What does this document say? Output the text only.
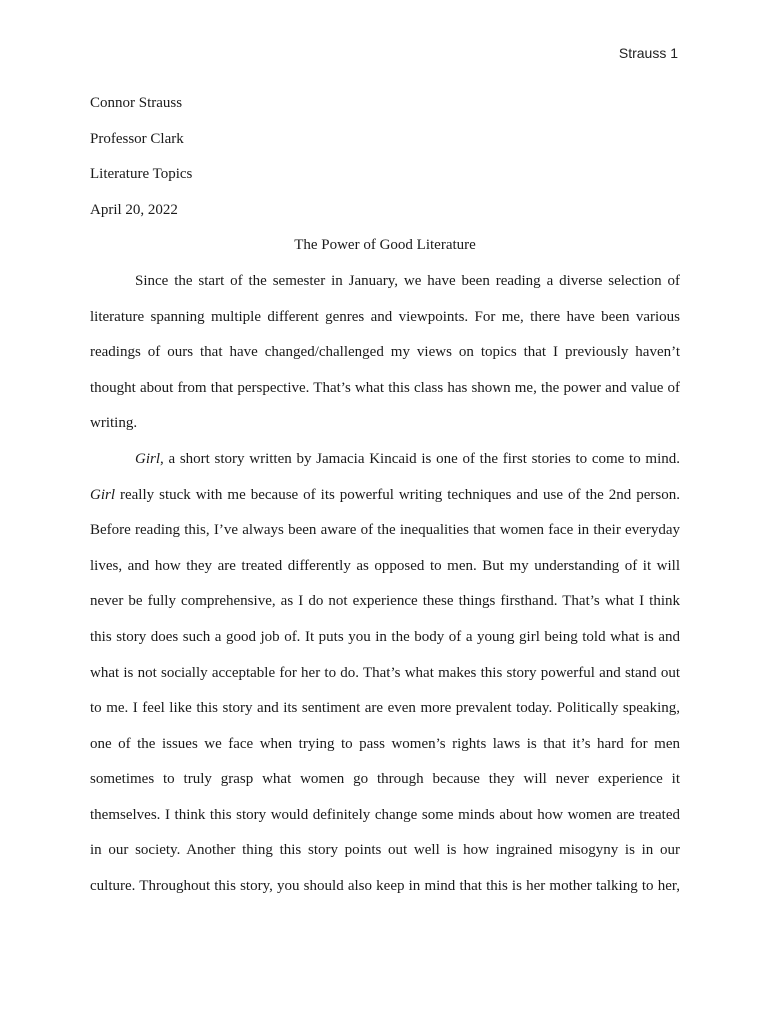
Strauss 1

Connor Strauss

Professor Clark

Literature Topics

April 20, 2022

The Power of Good Literature

Since the start of the semester in January, we have been reading a diverse selection of literature spanning multiple different genres and viewpoints. For me, there have been various readings of ours that have changed/challenged my views on topics that I previously haven’t thought about from that perspective. That’s what this class has shown me, the power and value of writing.

Girl, a short story written by Jamacia Kincaid is one of the first stories to come to mind. Girl really stuck with me because of its powerful writing techniques and use of the 2nd person. Before reading this, I’ve always been aware of the inequalities that women face in their everyday lives, and how they are treated differently as opposed to men. But my understanding of it will never be fully comprehensive, as I do not experience these things firsthand. That’s what I think this story does such a good job of. It puts you in the body of a young girl being told what is and what is not socially acceptable for her to do. That’s what makes this story powerful and stand out to me. I feel like this story and its sentiment are even more prevalent today. Politically speaking, one of the issues we face when trying to pass women’s rights laws is that it’s hard for men sometimes to truly grasp what women go through because they will never experience it themselves. I think this story would definitely change some minds about how women are treated in our society. Another thing this story points out well is how ingrained misogyny is in our culture. Throughout this story, you should also keep in mind that this is her mother talking to her,
